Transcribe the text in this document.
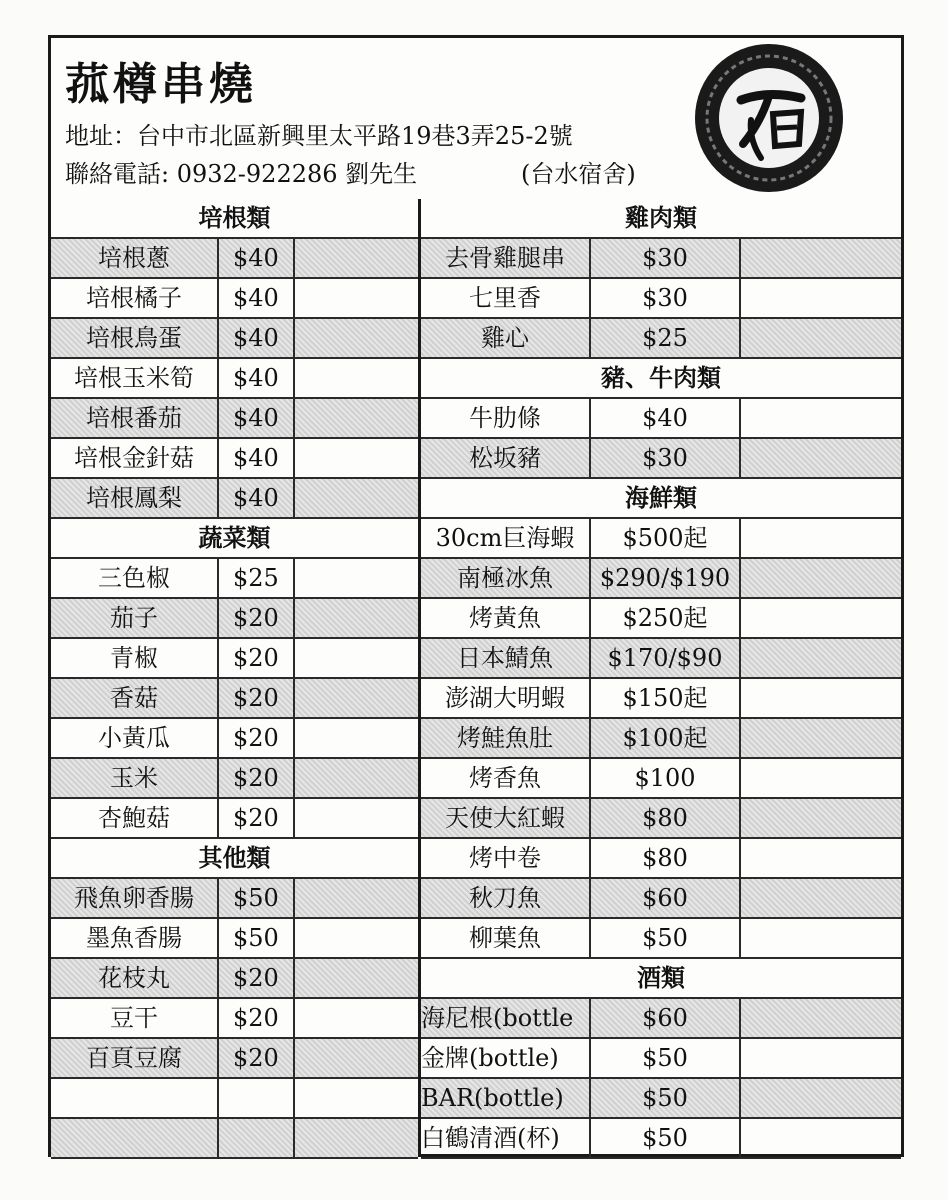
菰樽串燒
地址：台中市北區新興里太平路19巷3弄25-2號
聯絡電話: 0932-922286 劉先生	(台水宿舍)
培根類
培根蔥	$40
培根橘子	$40
培根鳥蛋	$40
培根玉米筍	$40
培根番茄	$40
培根金針菇	$40
培根鳳梨	$40
蔬菜類
三色椒	$25
茄子	$20
青椒	$20
香菇	$20
小黃瓜	$20
玉米	$20
杏鮑菇	$20
其他類
飛魚卵香腸	$50
墨魚香腸	$50
花枝丸	$20
豆干	$20
百頁豆腐	$20
雞肉類
去骨雞腿串	$30
七里香	$30
雞心	$25
豬、牛肉類
牛肋條	$40
松坂豬	$30
海鮮類
30cm巨海蝦	$500起
南極冰魚	$290/$190
烤黃魚	$250起
日本鯖魚	$170/$90
澎湖大明蝦	$150起
烤鮭魚肚	$100起
烤香魚	$100
天使大紅蝦	$80
烤中卷	$80
秋刀魚	$60
柳葉魚	$50
酒類
海尼根(bottle	$60
金牌(bottle)	$50
BAR(bottle)	$50
白鶴清酒(杯)	$50
